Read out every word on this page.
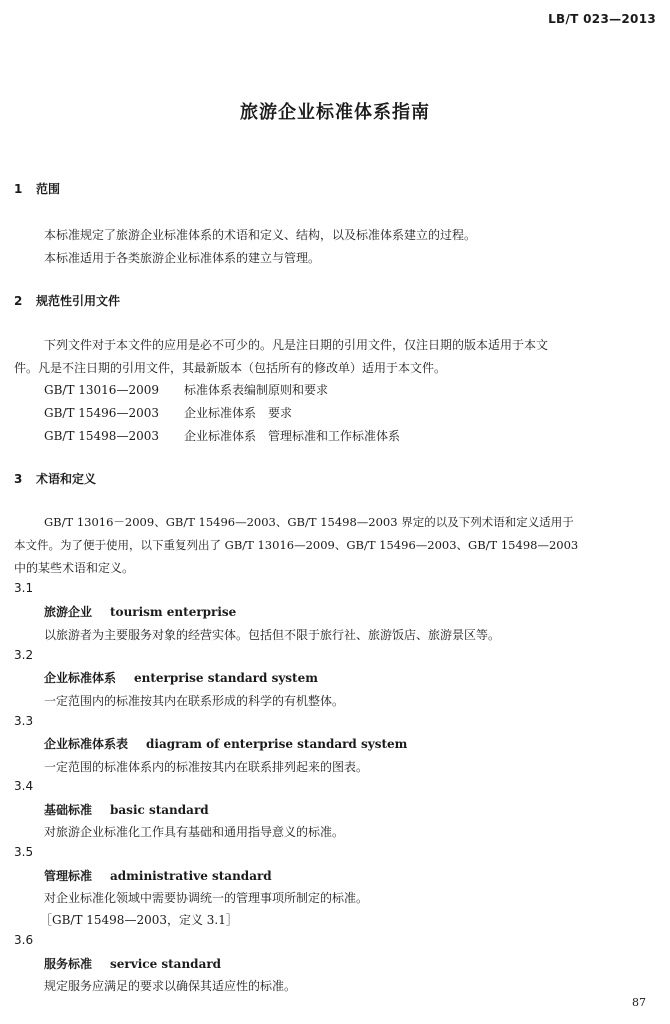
LB/T 023—2013
旅游企业标准体系指南
1 范围
本标准规定了旅游企业标准体系的术语和定义、结构，以及标准体系建立的过程。
本标准适用于各类旅游企业标准体系的建立与管理。
2 规范性引用文件
下列文件对于本文件的应用是必不可少的。凡是注日期的引用文件，仅注日期的版本适用于本文
件。凡是不注日期的引用文件，其最新版本（包括所有的修改单）适用于本文件。
GB/T 13016—2009 标准体系表编制原则和要求
GB/T 15496—2003 企业标准体系　要求
GB/T 15498—2003 企业标准体系　管理标准和工作标准体系
3 术语和定义
GB/T 13016－2009、GB/T 15496—2003、GB/T 15498—2003 界定的以及下列术语和定义适用于
本文件。为了便于使用，以下重复列出了 GB/T 13016—2009、GB/T 15496—2003、GB/T 15498—2003
中的某些术语和定义。
3.1
旅游企业 tourism enterprise
以旅游者为主要服务对象的经营实体。包括但不限于旅行社、旅游饭店、旅游景区等。
3.2
企业标准体系 enterprise standard system
一定范围内的标准按其内在联系形成的科学的有机整体。
3.3
企业标准体系表 diagram of enterprise standard system
一定范围的标准体系内的标准按其内在联系排列起来的图表。
3.4
基础标准 basic standard
对旅游企业标准化工作具有基础和通用指导意义的标准。
3.5
管理标准 administrative standard
对企业标准化领域中需要协调统一的管理事项所制定的标准。
［GB/T 15498—2003，定义 3.1］
3.6
服务标准 service standard
规定服务应满足的要求以确保其适应性的标准。
87
